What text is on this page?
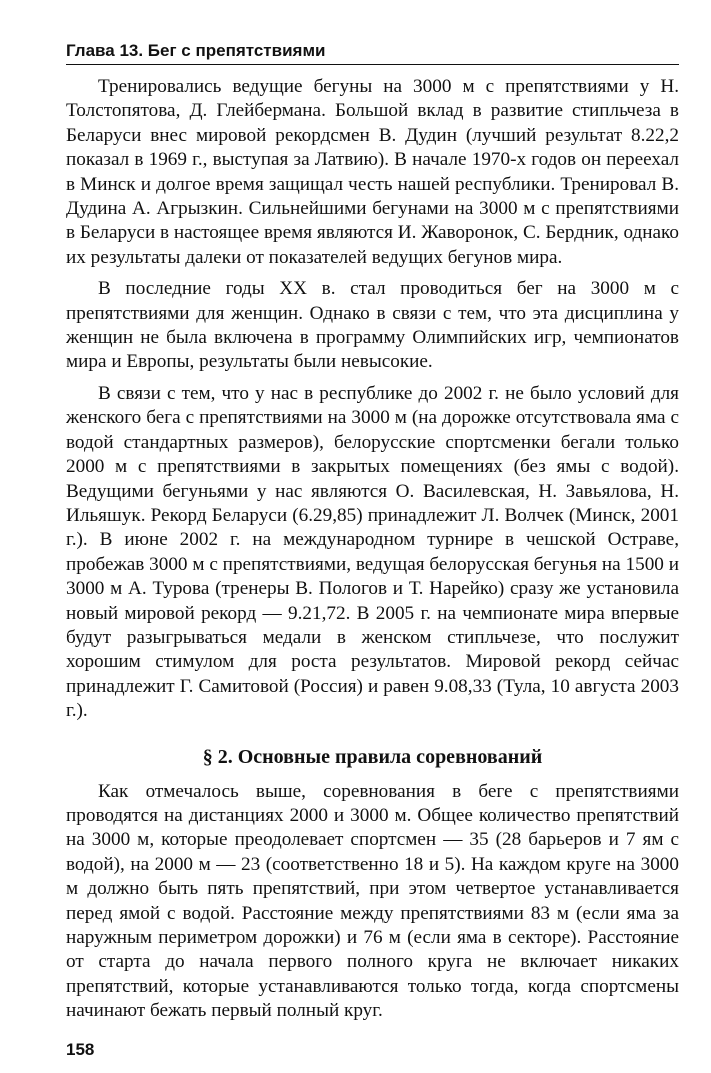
Глава 13. Бег с препятствиями

Тренировались ведущие бегуны на 3000 м с препятствиями у Н. Толстопятова, Д. Глейбермана. Большой вклад в развитие стипльчеза в Беларуси внес мировой рекордсмен В. Дудин (лучший результат 8.22,2 показал в 1969 г., выступая за Латвию). В начале 1970-х годов он переехал в Минск и долгое время защищал честь нашей республики. Тренировал В. Дудина А. Агрызкин. Сильнейшими бегунами на 3000 м с препятствиями в Беларуси в настоящее время являются И. Жаворонок, С. Бердник, однако их результаты далеки от показателей ведущих бегунов мира.

В последние годы XX в. стал проводиться бег на 3000 м с препятствиями для женщин. Однако в связи с тем, что эта дисциплина у женщин не была включена в программу Олимпийских игр, чемпионатов мира и Европы, результаты были невысокие.

В связи с тем, что у нас в республике до 2002 г. не было условий для женского бега с препятствиями на 3000 м (на дорожке отсутствовала яма с водой стандартных размеров), белорусские спортсменки бегали только 2000 м с препятствиями в закрытых помещениях (без ямы с водой). Ведущими бегуньями у нас являются О. Василевская, Н. Завьялова, Н. Ильяшук. Рекорд Беларуси (6.29,85) принадлежит Л. Волчек (Минск, 2001 г.). В июне 2002 г. на международном турнире в чешской Остраве, пробежав 3000 м с препятствиями, ведущая белорусская бегунья на 1500 и 3000 м А. Турова (тренеры В. Пологов и Т. Нарейко) сразу же установила новый мировой рекорд — 9.21,72. В 2005 г. на чемпионате мира впервые будут разыгрываться медали в женском стипльчезе, что послужит хорошим стимулом для роста результатов. Мировой рекорд сейчас принадлежит Г. Самитовой (Россия) и равен 9.08,33 (Тула, 10 августа 2003 г.).

§ 2. Основные правила соревнований

Как отмечалось выше, соревнования в беге с препятствиями проводятся на дистанциях 2000 и 3000 м. Общее количество препятствий на 3000 м, которые преодолевает спортсмен — 35 (28 барьеров и 7 ям с водой), на 2000 м — 23 (соответственно 18 и 5). На каждом круге на 3000 м должно быть пять препятствий, при этом четвертое устанавливается перед ямой с водой. Расстояние между препятствиями 83 м (если яма за наружным периметром дорожки) и 76 м (если яма в секторе). Расстояние от старта до начала первого полного круга не включает никаких препятствий, которые устанавливаются только тогда, когда спортсмены начинают бежать первый полный круг.

158
